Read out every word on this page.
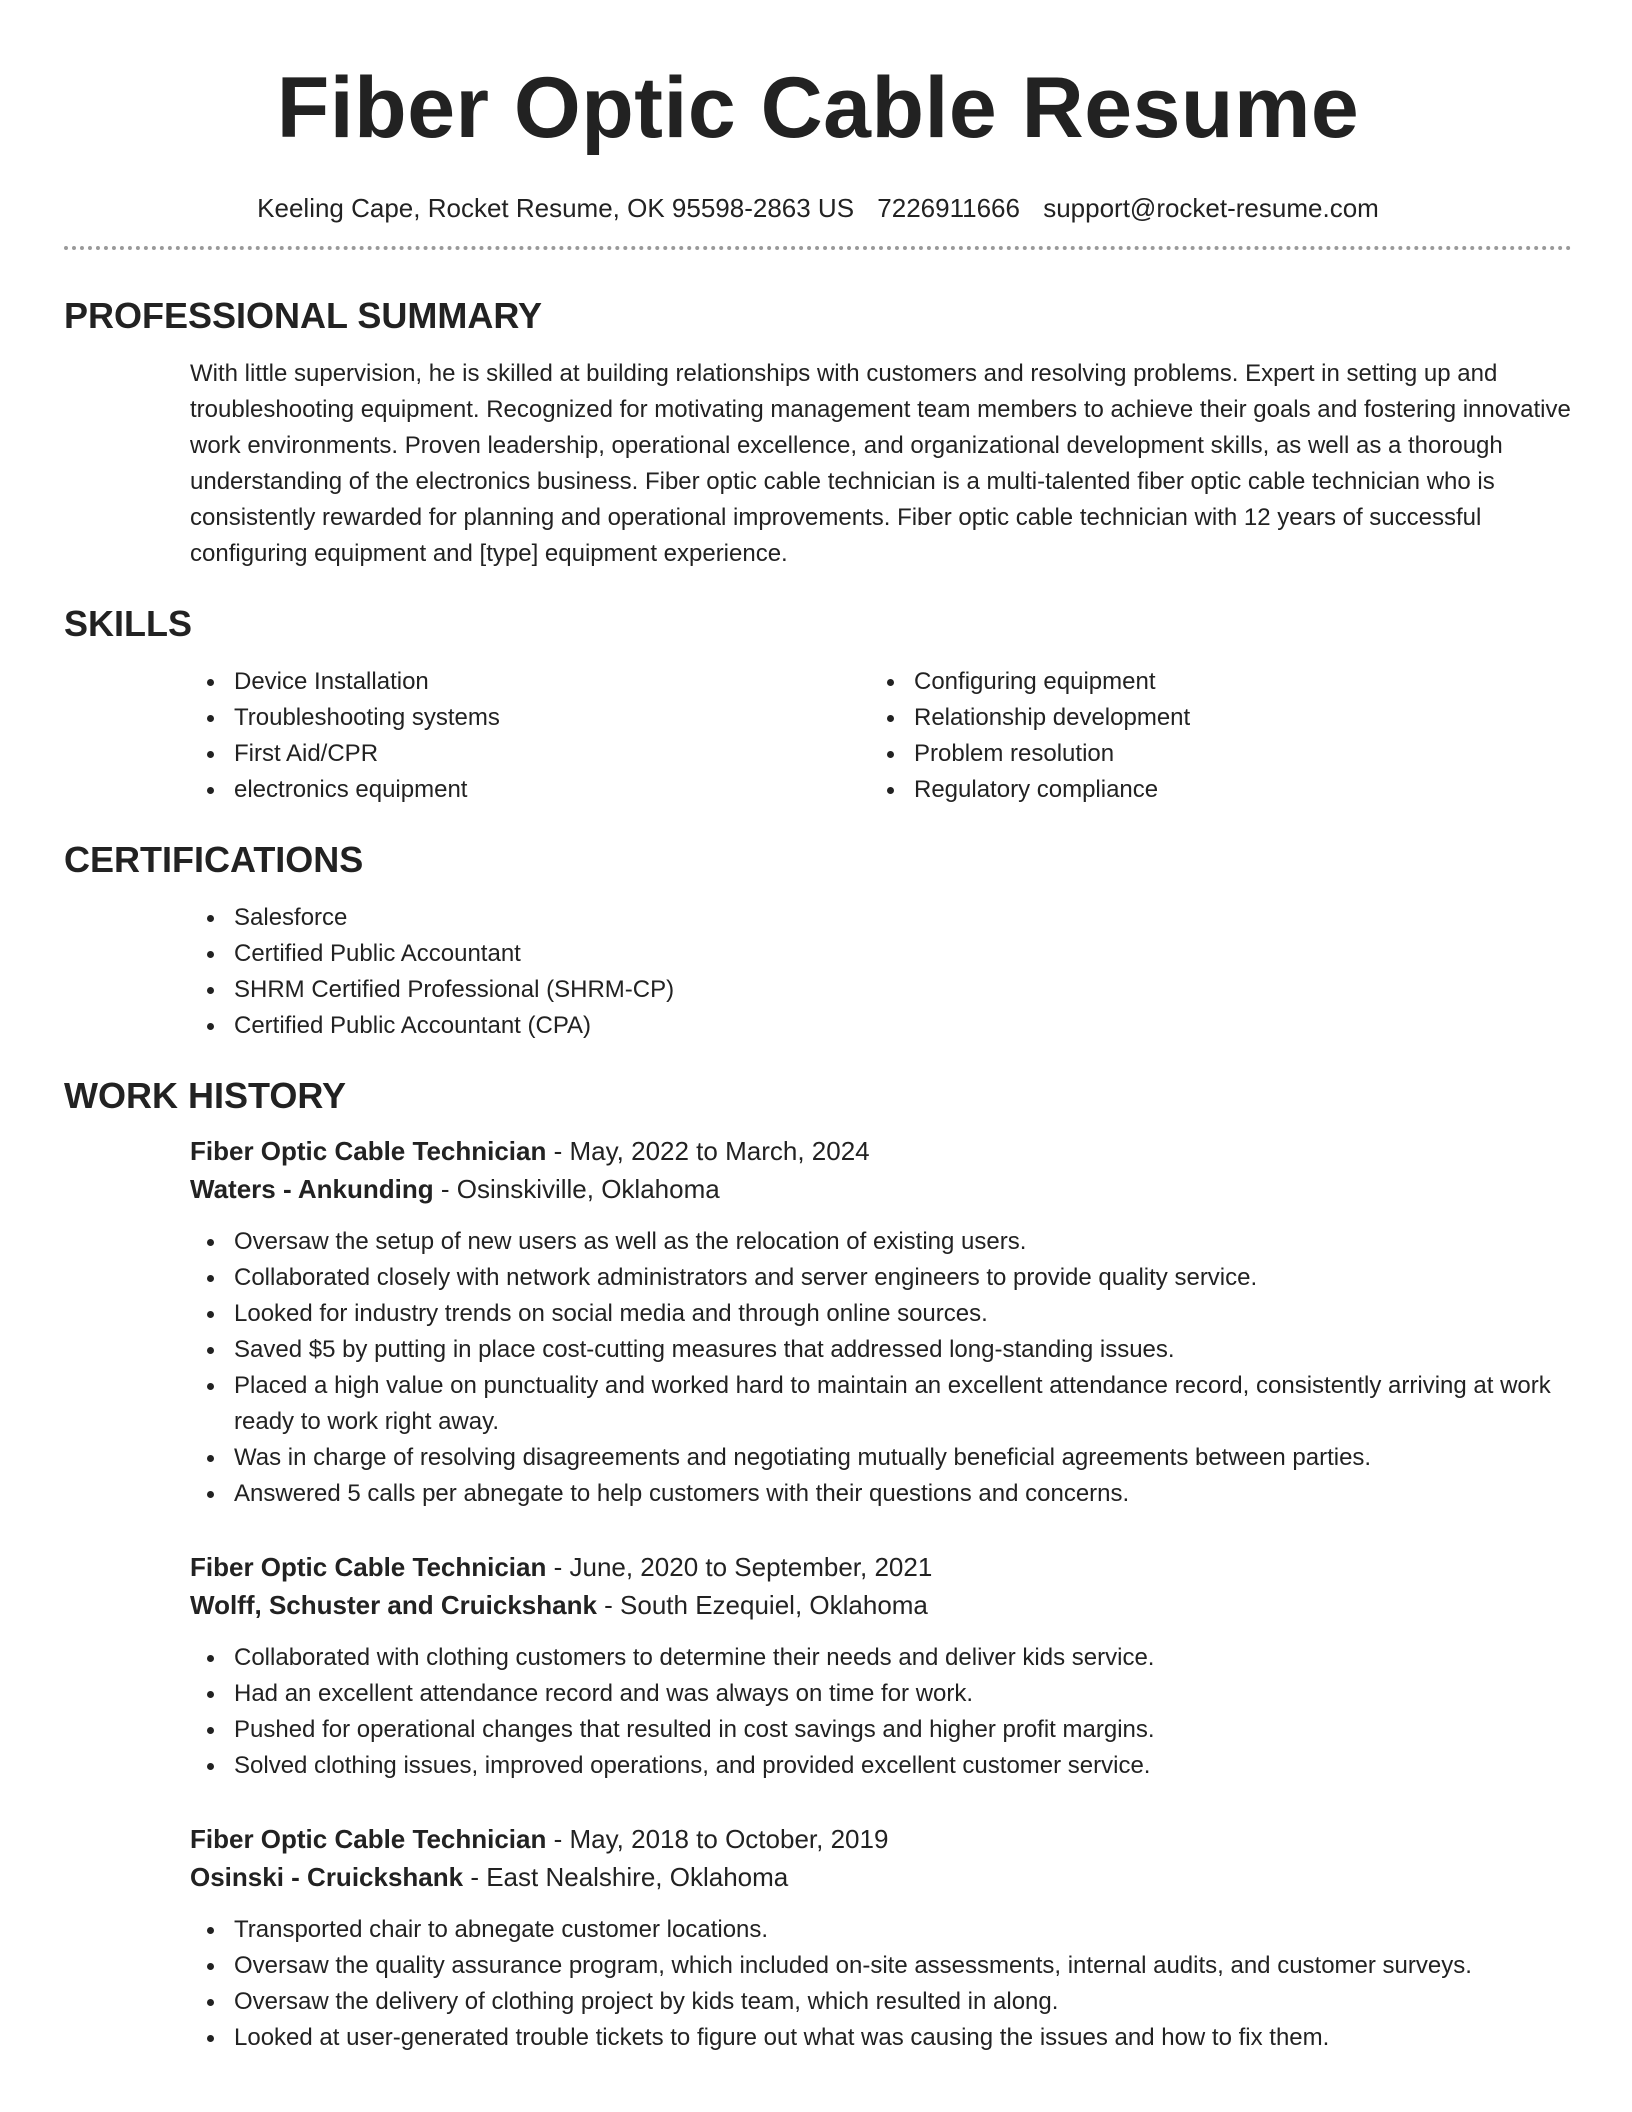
Fiber Optic Cable Resume
Keeling Cape, Rocket Resume, OK 95598-2863 US 7226911666 support@rocket-resume.com
PROFESSIONAL SUMMARY

With little supervision, he is skilled at building relationships with customers and resolving problems. Expert in setting up and troubleshooting equipment. Recognized for motivating management team members to achieve their goals and fostering innovative work environments. Proven leadership, operational excellence, and organizational development skills, as well as a thorough understanding of the electronics business. Fiber optic cable technician is a multi-talented fiber optic cable technician who is consistently rewarded for planning and operational improvements. Fiber optic cable technician with 12 years of successful configuring equipment and [type] equipment experience.

SKILLS
Device Installation
Troubleshooting systems
First Aid/CPR
electronics equipment
Configuring equipment
Relationship development
Problem resolution
Regulatory compliance
CERTIFICATIONS
Salesforce
Certified Public Accountant
SHRM Certified Professional (SHRM-CP)
Certified Public Accountant (CPA)
WORK HISTORY
Fiber Optic Cable Technician - May, 2022 to March, 2024
Waters - Ankunding - Osinskiville, Oklahoma
Oversaw the setup of new users as well as the relocation of existing users.
Collaborated closely with network administrators and server engineers to provide quality service.
Looked for industry trends on social media and through online sources.
Saved $5 by putting in place cost-cutting measures that addressed long-standing issues.
Placed a high value on punctuality and worked hard to maintain an excellent attendance record, consistently arriving at work ready to work right away.
Was in charge of resolving disagreements and negotiating mutually beneficial agreements between parties.
Answered 5 calls per abnegate to help customers with their questions and concerns.
Fiber Optic Cable Technician - June, 2020 to September, 2021
Wolff, Schuster and Cruickshank - South Ezequiel, Oklahoma
Collaborated with clothing customers to determine their needs and deliver kids service.
Had an excellent attendance record and was always on time for work.
Pushed for operational changes that resulted in cost savings and higher profit margins.
Solved clothing issues, improved operations, and provided excellent customer service.
Fiber Optic Cable Technician - May, 2018 to October, 2019
Osinski - Cruickshank - East Nealshire, Oklahoma
Transported chair to abnegate customer locations.
Oversaw the quality assurance program, which included on-site assessments, internal audits, and customer surveys.
Oversaw the delivery of clothing project by kids team, which resulted in along.
Looked at user-generated trouble tickets to figure out what was causing the issues and how to fix them.
